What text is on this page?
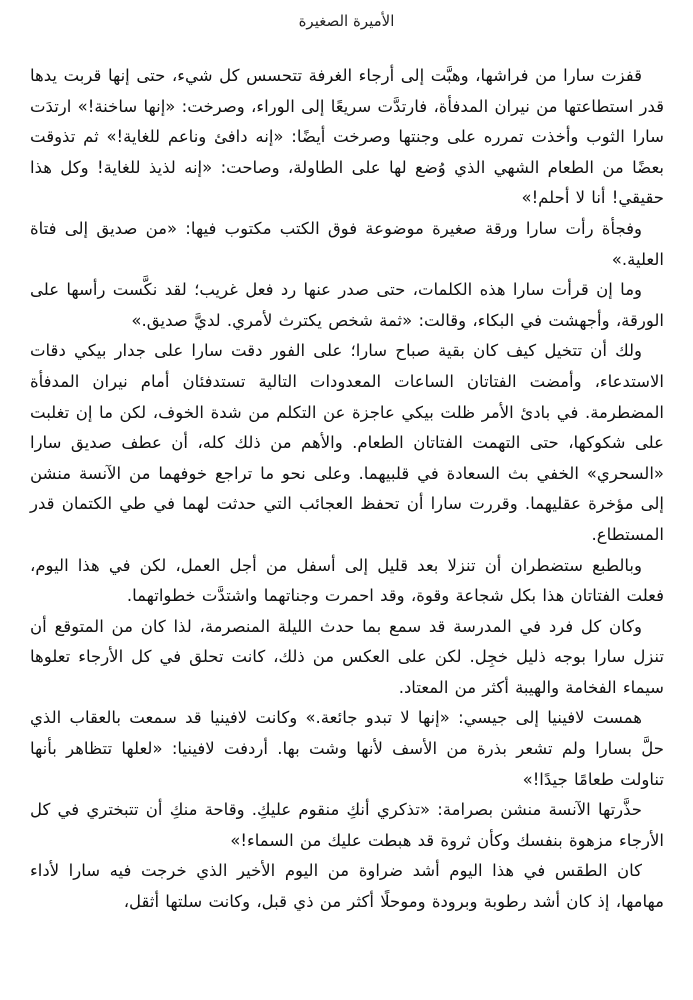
الأميرة الصغيرة

قفزت سارا من فراشها، وهبَّت إلى أرجاء الغرفة تتحسس كل شيء، حتى إنها قربت يدها قدر استطاعتها من نيران المدفأة، فارتدَّت سريعًا إلى الوراء، وصرخت: «إنها ساخنة!» ارتدَت سارا الثوب وأخذت تمرره على وجنتها وصرخت أيضًا: «إنه دافئ وناعم للغاية!» ثم تذوقت بعضًا من الطعام الشهي الذي وُضع لها على الطاولة، وصاحت: «إنه لذيذ للغاية! وكل هذا حقيقي! أنا لا أحلم!»

وفجأة رأت سارا ورقة صغيرة موضوعة فوق الكتب مكتوب فيها: «من صديق إلى فتاة العلية.»

وما إن قرأت سارا هذه الكلمات، حتى صدر عنها رد فعل غريب؛ لقد نكَّست رأسها على الورقة، وأجهشت في البكاء، وقالت: «ثمة شخص يكترث لأمري. لديَّ صديق.»

ولك أن تتخيل كيف كان بقية صباح سارا؛ على الفور دقت سارا على جدار بيكي دقات الاستدعاء، وأمضت الفتاتان الساعات المعدودات التالية تستدفئان أمام نيران المدفأة المضطرمة. في بادئ الأمر ظلت بيكي عاجزة عن التكلم من شدة الخوف، لكن ما إن تغلبت على شكوكها، حتى التهمت الفتاتان الطعام. والأهم من ذلك كله، أن عطف صديق سارا «السحري» الخفي بث السعادة في قلبيهما. وعلى نحو ما تراجع خوفهما من الآنسة منشن إلى مؤخرة عقليهما. وقررت سارا أن تحفظ العجائب التي حدثت لهما في طي الكتمان قدر المستطاع.

وبالطبع ستضطران أن تنزلا بعد قليل إلى أسفل من أجل العمل، لكن في هذا اليوم، فعلت الفتاتان هذا بكل شجاعة وقوة، وقد احمرت وجناتهما واشتدَّت خطواتهما.

وكان كل فرد في المدرسة قد سمع بما حدث الليلة المنصرمة، لذا كان من المتوقع أن تنزل سارا بوجه ذليل خجِل. لكن على العكس من ذلك، كانت تحلق في كل الأرجاء تعلوها سيماء الفخامة والهيبة أكثر من المعتاد.

همست لافينيا إلى جيسي: «إنها لا تبدو جائعة.» وكانت لافينيا قد سمعت بالعقاب الذي حلَّ بسارا ولم تشعر بذرة من الأسف لأنها وشت بها. أردفت لافينيا: «لعلها تتظاهر بأنها تناولت طعامًا جيدًا!»

حذَّرتها الآنسة منشن بصرامة: «تذكري أنكِ منقوم عليكِ. وقاحة منكِ أن تتبختري في كل الأرجاء مزهوة بنفسك وكأن ثروة قد هبطت عليك من السماء!»

كان الطقس في هذا اليوم أشد ضراوة من اليوم الأخير الذي خرجت فيه سارا لأداء مهامها، إذ كان أشد رطوبة وبرودة وموحلًا أكثر من ذي قبل، وكانت سلتها أثقل،
